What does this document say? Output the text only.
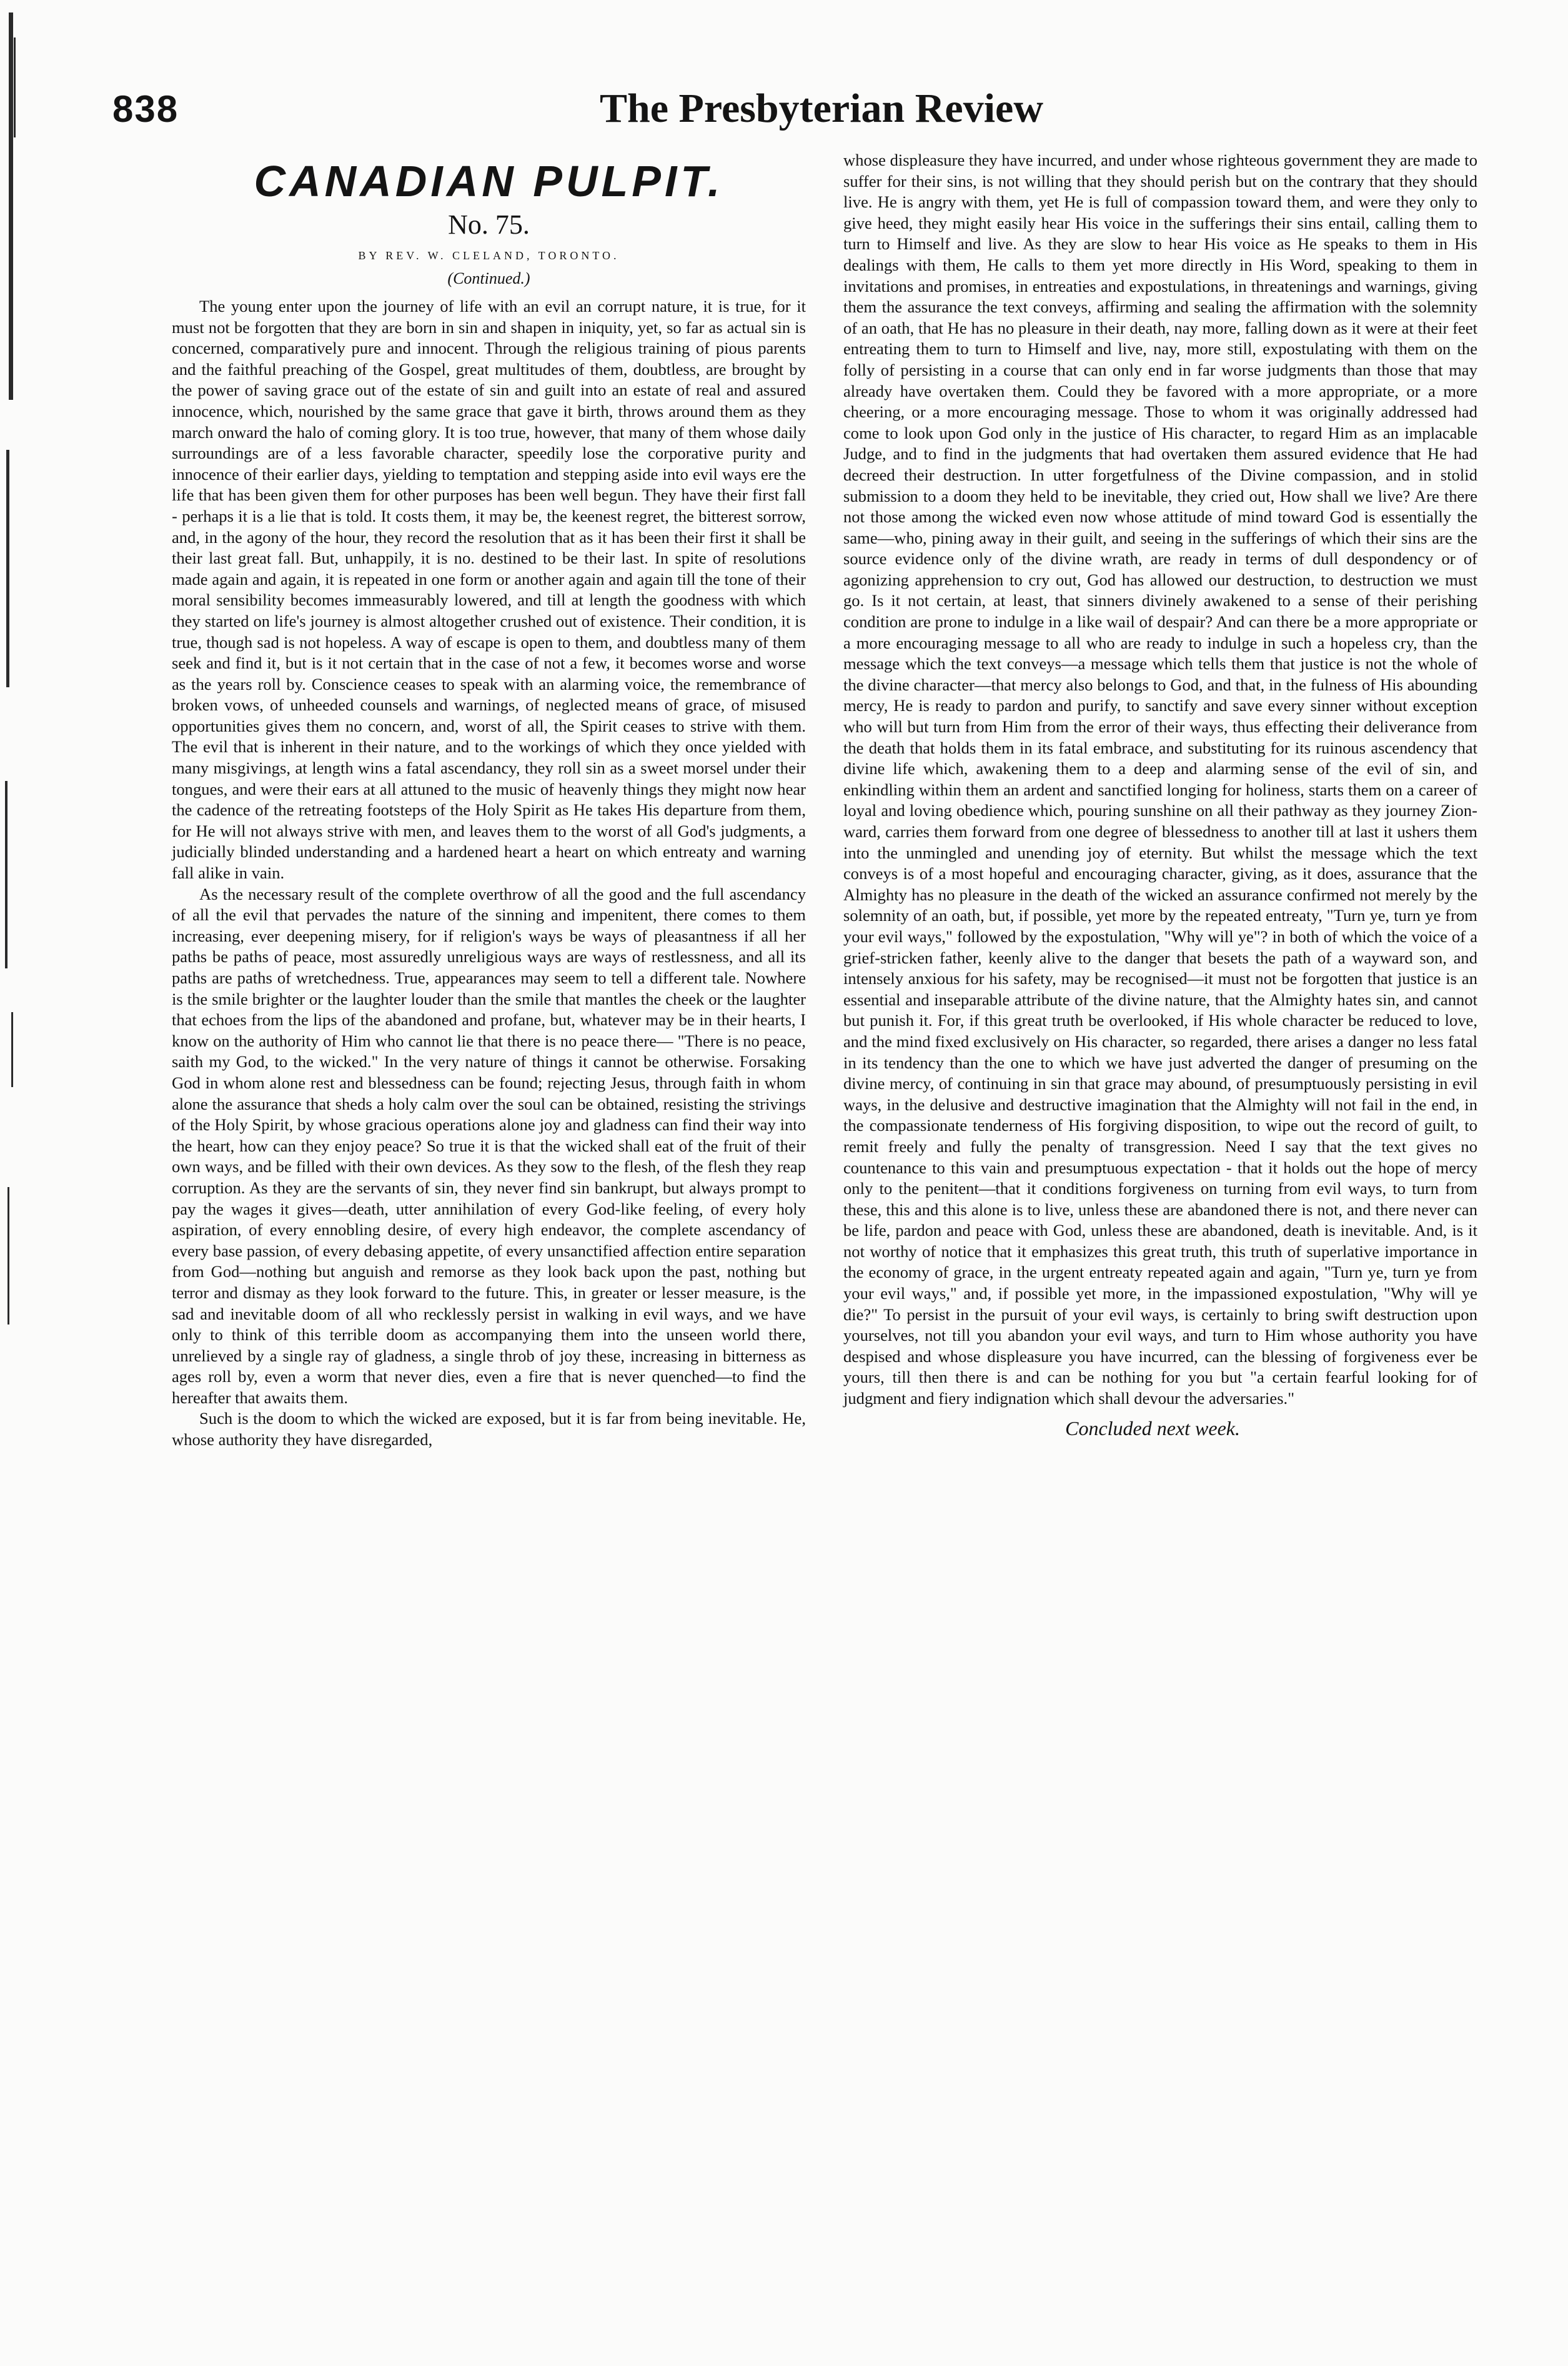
838	The Presbyterian Review
CANADIAN PULPIT.
No. 75.
BY REV. W. CLELAND, TORONTO.
(Continued.)

The young enter upon the journey of life with an evil an corrupt nature, it is true, for it must not be forgotten that they are born in sin and shapen in iniquity, yet, so far as actual sin is concerned, comparatively pure and innocent. Through the religious training of pious parents and the faithful preaching of the Gospel, great multitudes of them, doubtless, are brought by the power of saving grace out of the estate of sin and guilt into an estate of real and assured innocence, which, nourished by the same grace that gave it birth, throws around them as they march onward the halo of coming glory. It is too true, however, that many of them whose daily surroundings are of a less favorable character, speedily lose the corporative purity and innocence of their earlier days, yielding to temptation and stepping aside into evil ways ere the life that has been given them for other purposes has been well begun. They have their first fall - perhaps it is a lie that is told. It costs them, it may be, the keenest regret, the bitterest sorrow, and, in the agony of the hour, they record the resolution that as it has been their first it shall be their last great fall. But, unhappily, it is no. destined to be their last. In spite of resolutions made again and again, it is repeated in one form or another again and again till the tone of their moral sensibility becomes immeasurably lowered, and till at length the goodness with which they started on life's journey is almost altogether crushed out of existence. Their condition, it is true, though sad is not hopeless. A way of escape is open to them, and doubtless many of them seek and find it, but is it not certain that in the case of not a few, it becomes worse and worse as the years roll by. Conscience ceases to speak with an alarming voice, the remembrance of broken vows, of unheeded counsels and warnings, of neglected means of grace, of misused opportunities gives them no concern, and, worst of all, the Spirit ceases to strive with them. The evil that is inherent in their nature, and to the workings of which they once yielded with many misgivings, at length wins a fatal ascendancy, they roll sin as a sweet morsel under their tongues, and were their ears at all attuned to the music of heavenly things they might now hear the cadence of the retreating footsteps of the Holy Spirit as He takes His departure from them, for He will not always strive with men, and leaves them to the worst of all God's judgments, a judicially blinded understanding and a hardened heart a heart on which entreaty and warning fall alike in vain.

As the necessary result of the complete overthrow of all the good and the full ascendancy of all the evil that pervades the nature of the sinning and impenitent, there comes to them increasing, ever deepening misery, for if religion's ways be ways of pleasantness if all her paths be paths of peace, most assuredly unreligious ways are ways of restlessness, and all its paths are paths of wretchedness. True, appearances may seem to tell a different tale. Nowhere is the smile brighter or the laughter louder than the smile that mantles the cheek or the laughter that echoes from the lips of the abandoned and profane, but, whatever may be in their hearts, I know on the authority of Him who cannot lie that there is no peace there— "There is no peace, saith my God, to the wicked." In the very nature of things it cannot be otherwise. Forsaking God in whom alone rest and blessedness can be found; rejecting Jesus, through faith in whom alone the assurance that sheds a holy calm over the soul can be obtained, resisting the strivings of the Holy Spirit, by whose gracious operations alone joy and gladness can find their way into the heart, how can they enjoy peace? So true it is that the wicked shall eat of the fruit of their own ways, and be filled with their own devices. As they sow to the flesh, of the flesh they reap corruption. As they are the servants of sin, they never find sin bankrupt, but always prompt to pay the wages it gives—death, utter annihilation of every God-like feeling, of every holy aspiration, of every ennobling desire, of every high endeavor, the complete ascendancy of every base passion, of every debasing appetite, of every unsanctified affection entire separation from God—nothing but anguish and remorse as they look back upon the past, nothing but terror and dismay as they look forward to the future. This, in greater or lesser measure, is the sad and inevitable doom of all who recklessly persist in walking in evil ways, and we have only to think of this terrible doom as accompanying them into the unseen world there, unrelieved by a single ray of gladness, a single throb of joy these, increasing in bitterness as ages roll by, even a worm that never dies, even a fire that is never quenched—to find the hereafter that awaits them.

Such is the doom to which the wicked are exposed, but it is far from being inevitable. He, whose authority they have disregarded,

whose displeasure they have incurred, and under whose righteous government they are made to suffer for their sins, is not willing that they should perish but on the contrary that they should live. He is angry with them, yet He is full of compassion toward them, and were they only to give heed, they might easily hear His voice in the sufferings their sins entail, calling them to turn to Himself and live. As they are slow to hear His voice as He speaks to them in His dealings with them, He calls to them yet more directly in His Word, speaking to them in invitations and promises, in entreaties and expostulations, in threatenings and warnings, giving them the assurance the text conveys, affirming and sealing the affirmation with the solemnity of an oath, that He has no pleasure in their death, nay more, falling down as it were at their feet entreating them to turn to Himself and live, nay, more still, expostulating with them on the folly of persisting in a course that can only end in far worse judgments than those that may already have overtaken them. Could they be favored with a more appropriate, or a more cheering, or a more encouraging message. Those to whom it was originally addressed had come to look upon God only in the justice of His character, to regard Him as an implacable Judge, and to find in the judgments that had overtaken them assured evidence that He had decreed their destruction. In utter forgetfulness of the Divine compassion, and in stolid submission to a doom they held to be inevitable, they cried out, How shall we live? Are there not those among the wicked even now whose attitude of mind toward God is essentially the same—who, pining away in their guilt, and seeing in the sufferings of which their sins are the source evidence only of the divine wrath, are ready in terms of dull despondency or of agonizing apprehension to cry out, God has allowed our destruction, to destruction we must go. Is it not certain, at least, that sinners divinely awakened to a sense of their perishing condition are prone to indulge in a like wail of despair? And can there be a more appropriate or a more encouraging message to all who are ready to indulge in such a hopeless cry, than the message which the text conveys—a message which tells them that justice is not the whole of the divine character—that mercy also belongs to God, and that, in the fulness of His abounding mercy, He is ready to pardon and purify, to sanctify and save every sinner without exception who will but turn from Him from the error of their ways, thus effecting their deliverance from the death that holds them in its fatal embrace, and substituting for its ruinous ascendency that divine life which, awakening them to a deep and alarming sense of the evil of sin, and enkindling within them an ardent and sanctified longing for holiness, starts them on a career of loyal and loving obedience which, pouring sunshine on all their pathway as they journey Zion-ward, carries them forward from one degree of blessedness to another till at last it ushers them into the unmingled and unending joy of eternity. But whilst the message which the text conveys is of a most hopeful and encouraging character, giving, as it does, assurance that the Almighty has no pleasure in the death of the wicked an assurance confirmed not merely by the solemnity of an oath, but, if possible, yet more by the repeated entreaty, "Turn ye, turn ye from your evil ways," followed by the expostulation, "Why will ye"? in both of which the voice of a grief-stricken father, keenly alive to the danger that besets the path of a wayward son, and intensely anxious for his safety, may be recognised—it must not be forgotten that justice is an essential and inseparable attribute of the divine nature, that the Almighty hates sin, and cannot but punish it. For, if this great truth be overlooked, if His whole character be reduced to love, and the mind fixed exclusively on His character, so regarded, there arises a danger no less fatal in its tendency than the one to which we have just adverted the danger of presuming on the divine mercy, of continuing in sin that grace may abound, of presumptuously persisting in evil ways, in the delusive and destructive imagination that the Almighty will not fail in the end, in the compassionate tenderness of His forgiving disposition, to wipe out the record of guilt, to remit freely and fully the penalty of transgression. Need I say that the text gives no countenance to this vain and presumptuous expectation - that it holds out the hope of mercy only to the penitent—that it conditions forgiveness on turning from evil ways, to turn from these, this and this alone is to live, unless these are abandoned there is not, and there never can be life, pardon and peace with God, unless these are abandoned, death is inevitable. And, is it not worthy of notice that it emphasizes this great truth, this truth of superlative importance in the economy of grace, in the urgent entreaty repeated again and again, "Turn ye, turn ye from your evil ways," and, if possible yet more, in the impassioned expostulation, "Why will ye die?" To persist in the pursuit of your evil ways, is certainly to bring swift destruction upon yourselves, not till you abandon your evil ways, and turn to Him whose authority you have despised and whose displeasure you have incurred, can the blessing of forgiveness ever be yours, till then there is and can be nothing for you but "a certain fearful looking for of judgment and fiery indignation which shall devour the adversaries."

Concluded next week.
